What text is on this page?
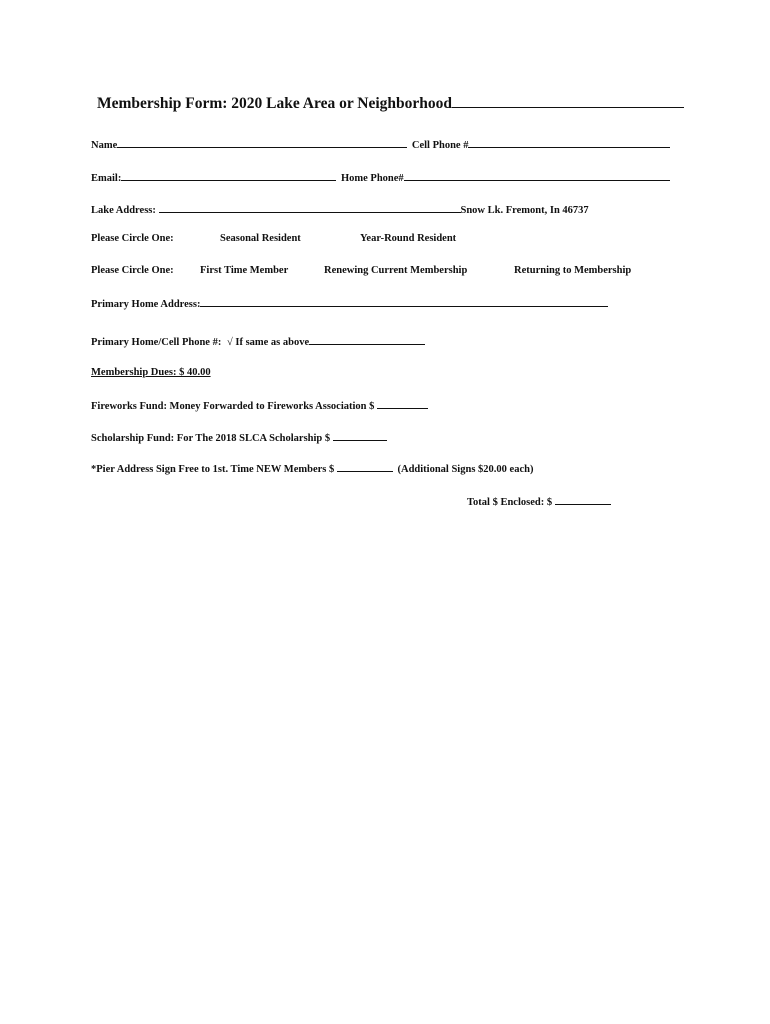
Membership Form: 2020 Lake Area or Neighborhood
Name	Cell Phone #
Email:	Home Phone#
Lake Address:	Snow Lk. Fremont, In 46737
Please Circle One:	Seasonal Resident	Year-Round Resident
Please Circle One:	First Time Member	Renewing Current Membership	Returning to Membership
Primary Home Address:
Primary Home/Cell Phone #: √ If same as above
Membership Dues: $ 40.00
Fireworks Fund: Money Forwarded to Fireworks Association $
Scholarship Fund: For The 2018 SLCA Scholarship $
*Pier Address Sign Free to 1st. Time NEW Members $	(Additional Signs $20.00 each)
Total $ Enclosed: $
